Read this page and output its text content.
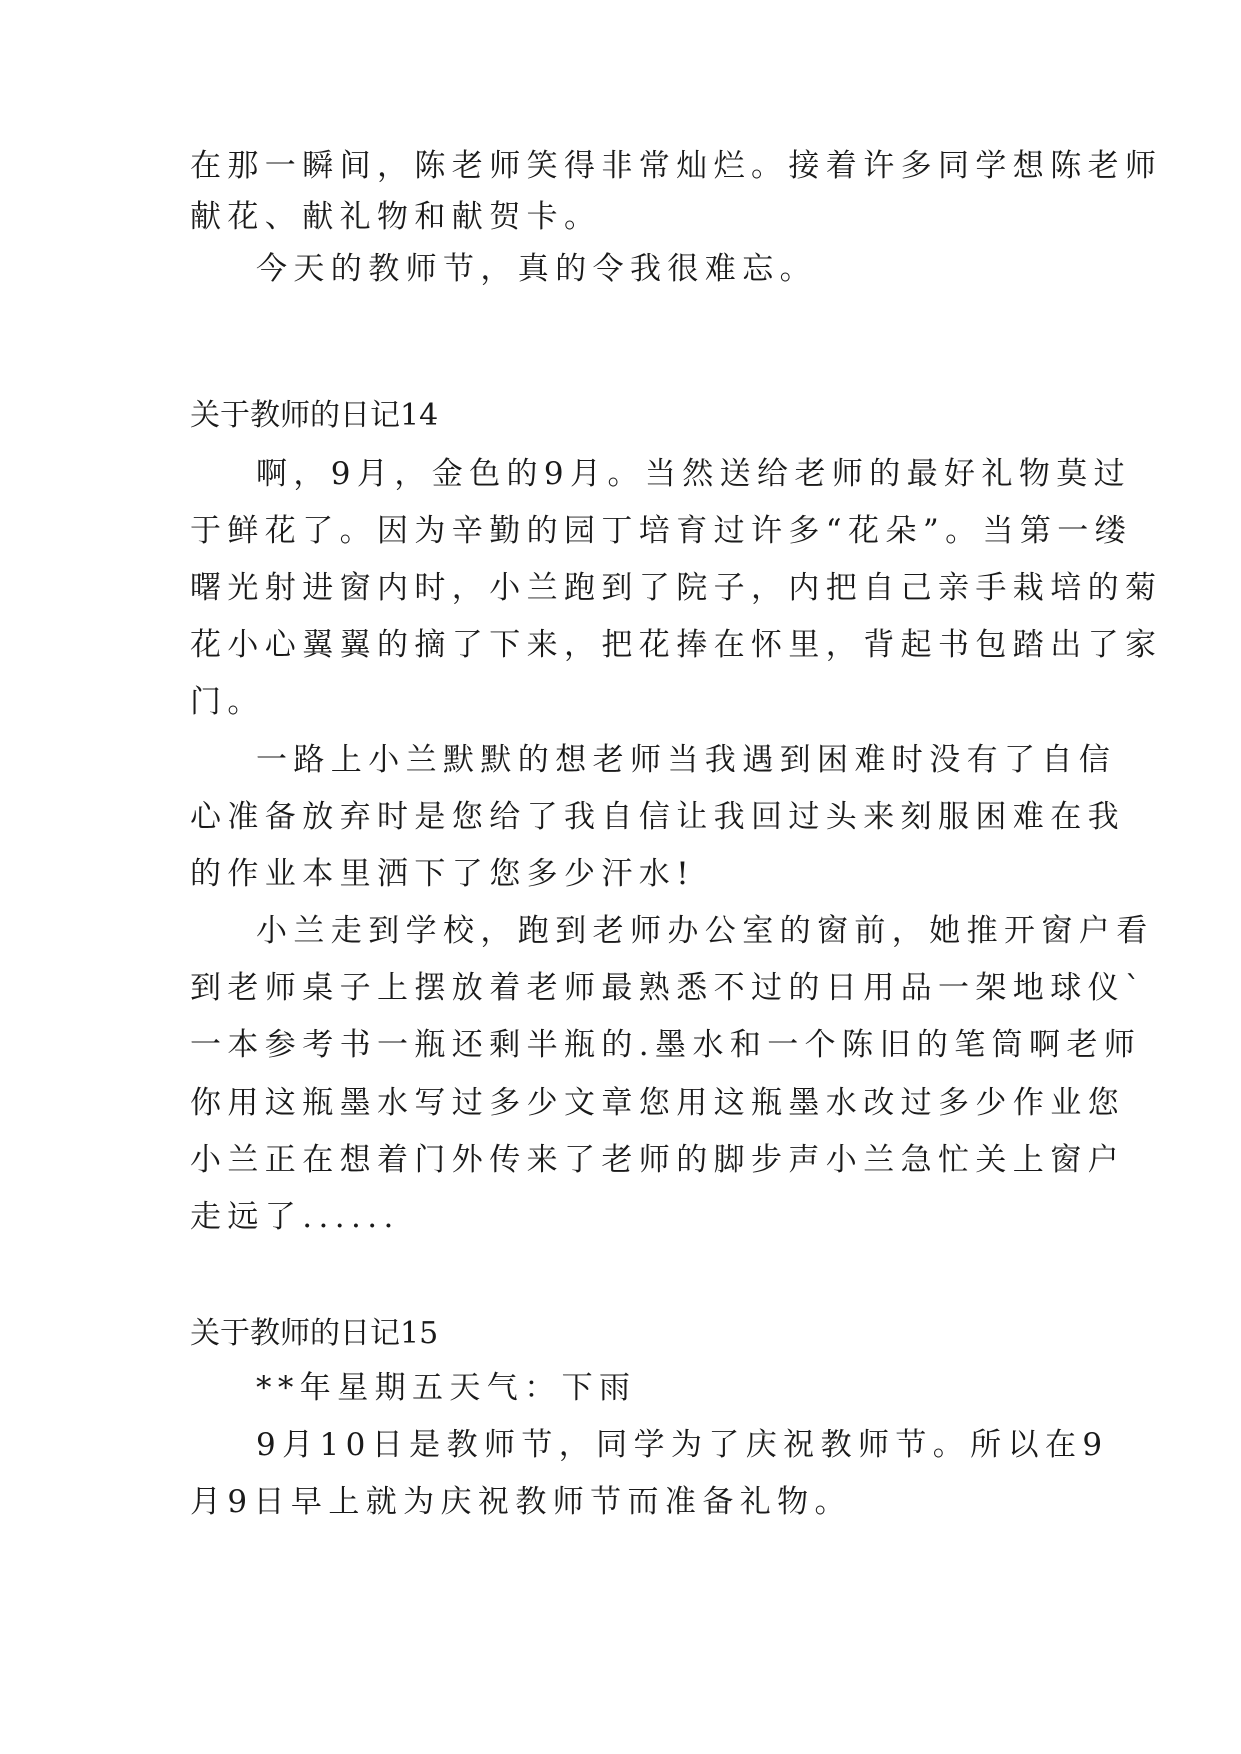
在那一瞬间，陈老师笑得非常灿烂。接着许多同学想陈老师

献花、献礼物和献贺卡。

今天的教师节，真的令我很难忘。

关于教师的日记14

啊，9月，金色的9月。当然送给老师的最好礼物莫过

于鲜花了。因为辛勤的园丁培育过许多“花朵”。当第一缕

曙光射进窗内时，小兰跑到了院子，内把自己亲手栽培的菊

花小心翼翼的摘了下来，把花捧在怀里，背起书包踏出了家

门。

一路上小兰默默的想老师当我遇到困难时没有了自信

心准备放弃时是您给了我自信让我回过头来刻服困难在我

的作业本里洒下了您多少汗水!

小兰走到学校，跑到老师办公室的窗前，她推开窗户看

到老师桌子上摆放着老师最熟悉不过的日用品一架地球仪`

一本参考书一瓶还剩半瓶的.墨水和一个陈旧的笔筒啊老师

你用这瓶墨水写过多少文章您用这瓶墨水改过多少作业您

小兰正在想着门外传来了老师的脚步声小兰急忙关上窗户

走远了......

关于教师的日记15

**年星期五天气：下雨

9月10日是教师节，同学为了庆祝教师节。所以在9

月9日早上就为庆祝教师节而准备礼物。
